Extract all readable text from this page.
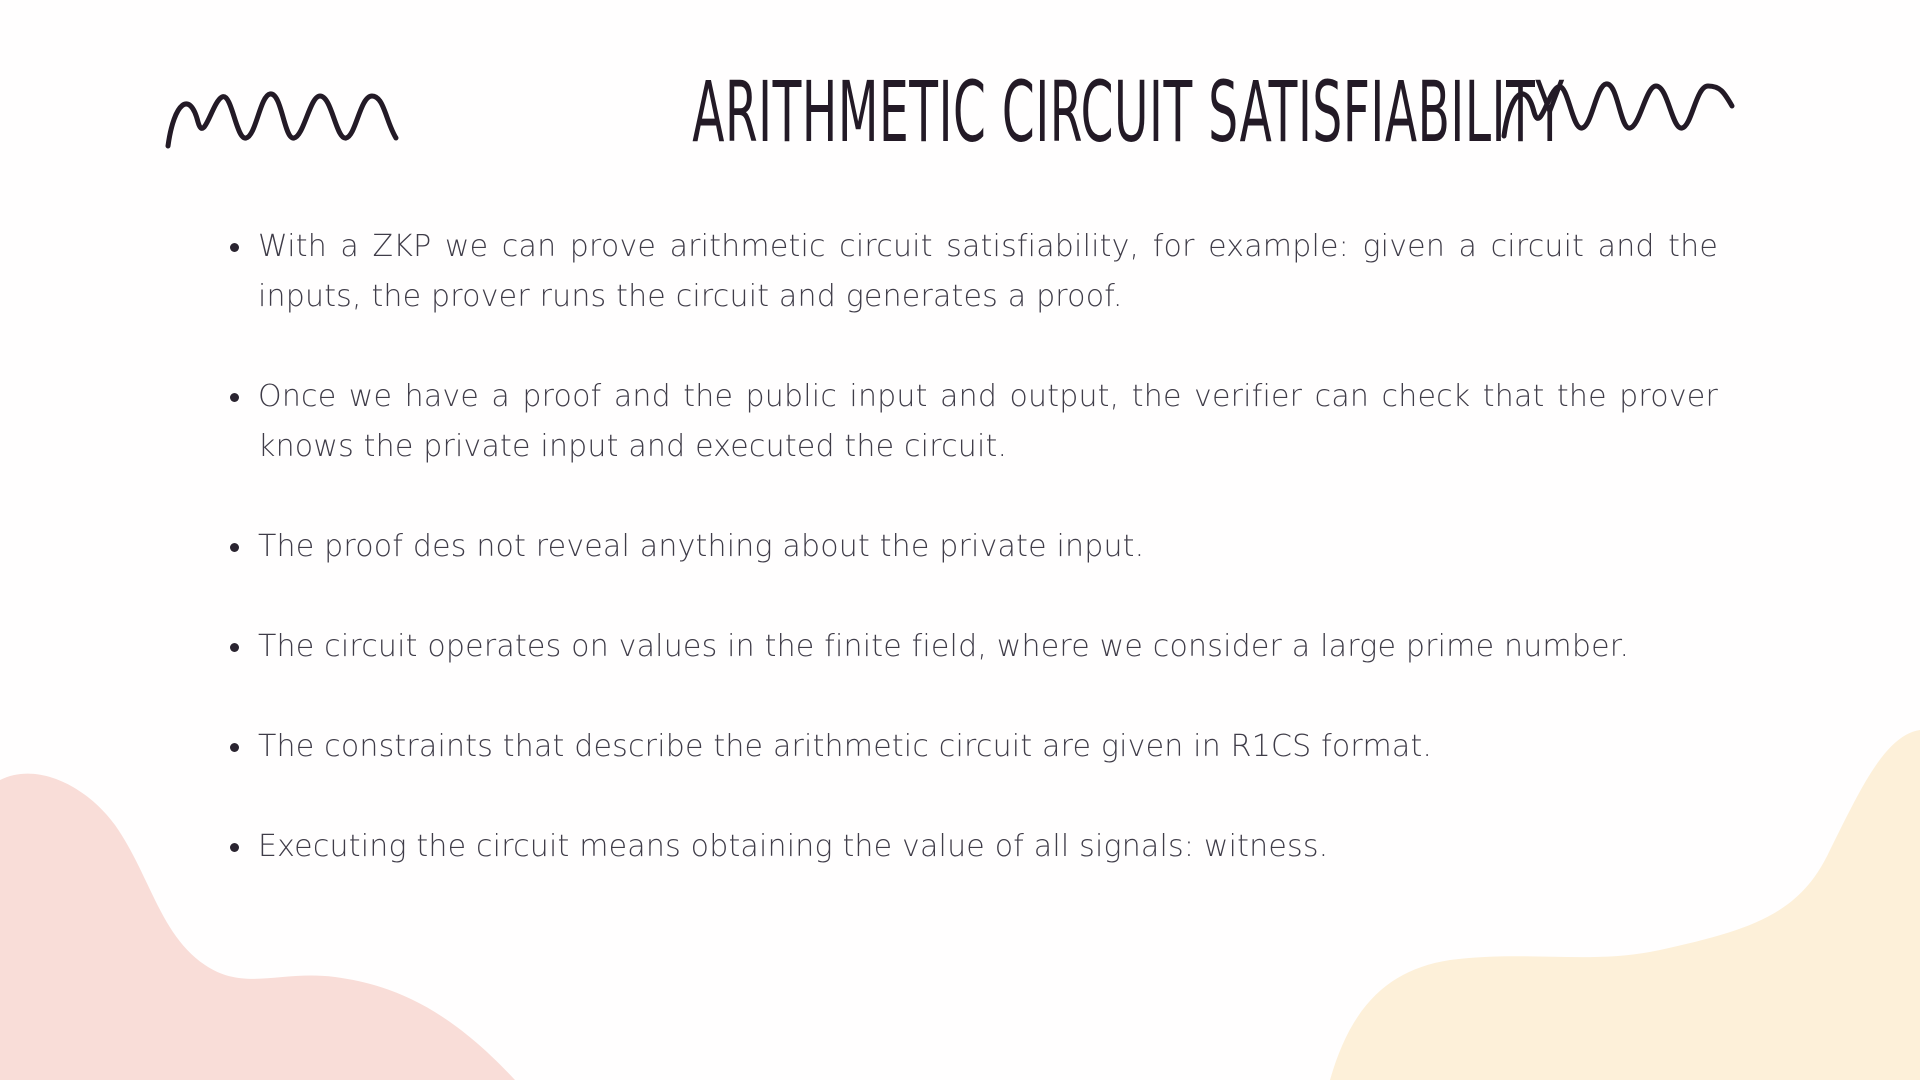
ARITHMETIC CIRCUIT SATISFIABILITY
With a ZKP we can prove arithmetic circuit satisfiability, for example: given a circuit and the inputs, the prover runs the circuit and generates a proof.
Once we have a proof and the public input and output, the verifier can check that the prover knows the private input and executed the circuit.
The proof des not reveal anything about the private input.
The circuit operates on values in the finite field, where we consider a large prime number.
The constraints that describe the arithmetic circuit are given in R1CS format.
Executing the circuit means obtaining the value of all signals: witness.
